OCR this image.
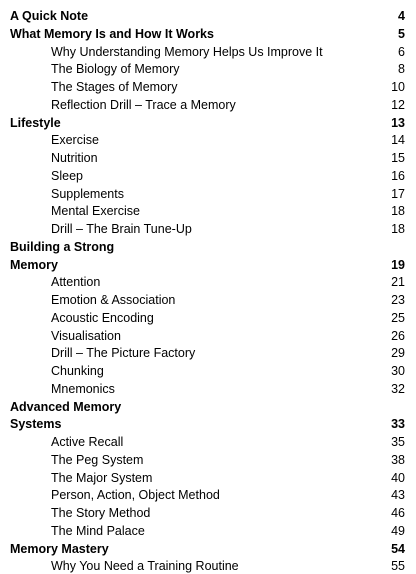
A Quick Note	4
What Memory Is and How It Works	5
Why Understanding Memory Helps Us Improve It	6
The Biology of Memory	8
The Stages of Memory	10
Reflection Drill – Trace a Memory	12
Lifestyle	13
Exercise	14
Nutrition	15
Sleep	16
Supplements	17
Mental Exercise	18
Drill – The Brain Tune-Up	18
Building a Strong
Memory	19
Attention	21
Emotion & Association	23
Acoustic Encoding	25
Visualisation	26
Drill – The Picture Factory	29
Chunking	30
Mnemonics	32
Advanced Memory
Systems	33
Active Recall	35
The Peg System	38
The Major System	40
Person, Action, Object Method	43
The Story Method	46
The Mind Palace	49
Memory Mastery	54
Why You Need a Training Routine	55
